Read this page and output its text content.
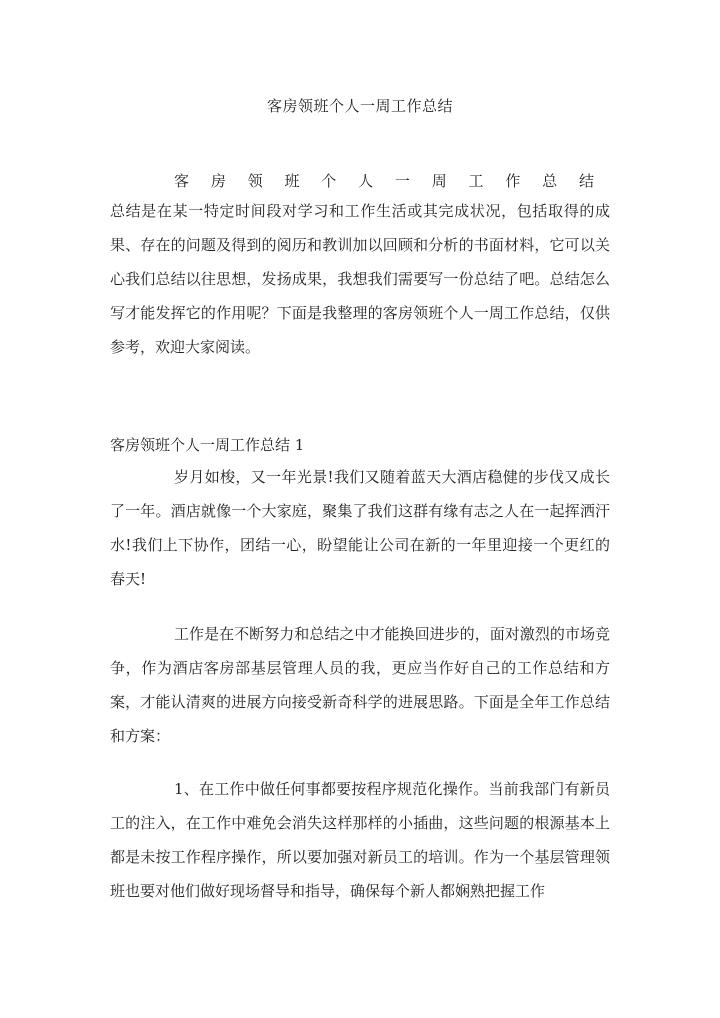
客房领班个人一周工作总结
客 房 领 班 个 人 一 周 工 作 总 结

总结是在某一特定时间段对学习和工作生活或其完成状况，包括取得的成果、存在的问题及得到的阅历和教训加以回顾和分析的书面材料，它可以关心我们总结以往思想，发扬成果，我想我们需要写一份总结了吧。总结怎么写才能发挥它的作用呢？下面是我整理的客房领班个人一周工作总结，仅供参考，欢迎大家阅读。

客房领班个人一周工作总结 1

岁月如梭，又一年光景!我们又随着蓝天大酒店稳健的步伐又成长了一年。酒店就像一个大家庭，聚集了我们这群有缘有志之人在一起挥洒汗水!我们上下协作，团结一心，盼望能让公司在新的一年里迎接一个更红的春天!

工作是在不断努力和总结之中才能换回进步的，面对激烈的市场竞争，作为酒店客房部基层管理人员的我，更应当作好自己的工作总结和方案，才能认清爽的进展方向接受新奇科学的进展思路。下面是全年工作总结和方案：

1、在工作中做任何事都要按程序规范化操作。当前我部门有新员工的注入，在工作中难免会消失这样那样的小插曲，这些问题的根源基本上都是未按工作程序操作，所以要加强对新员工的培训。作为一个基层管理领班也要对他们做好现场督导和指导，确保每个新人都娴熟把握工作
